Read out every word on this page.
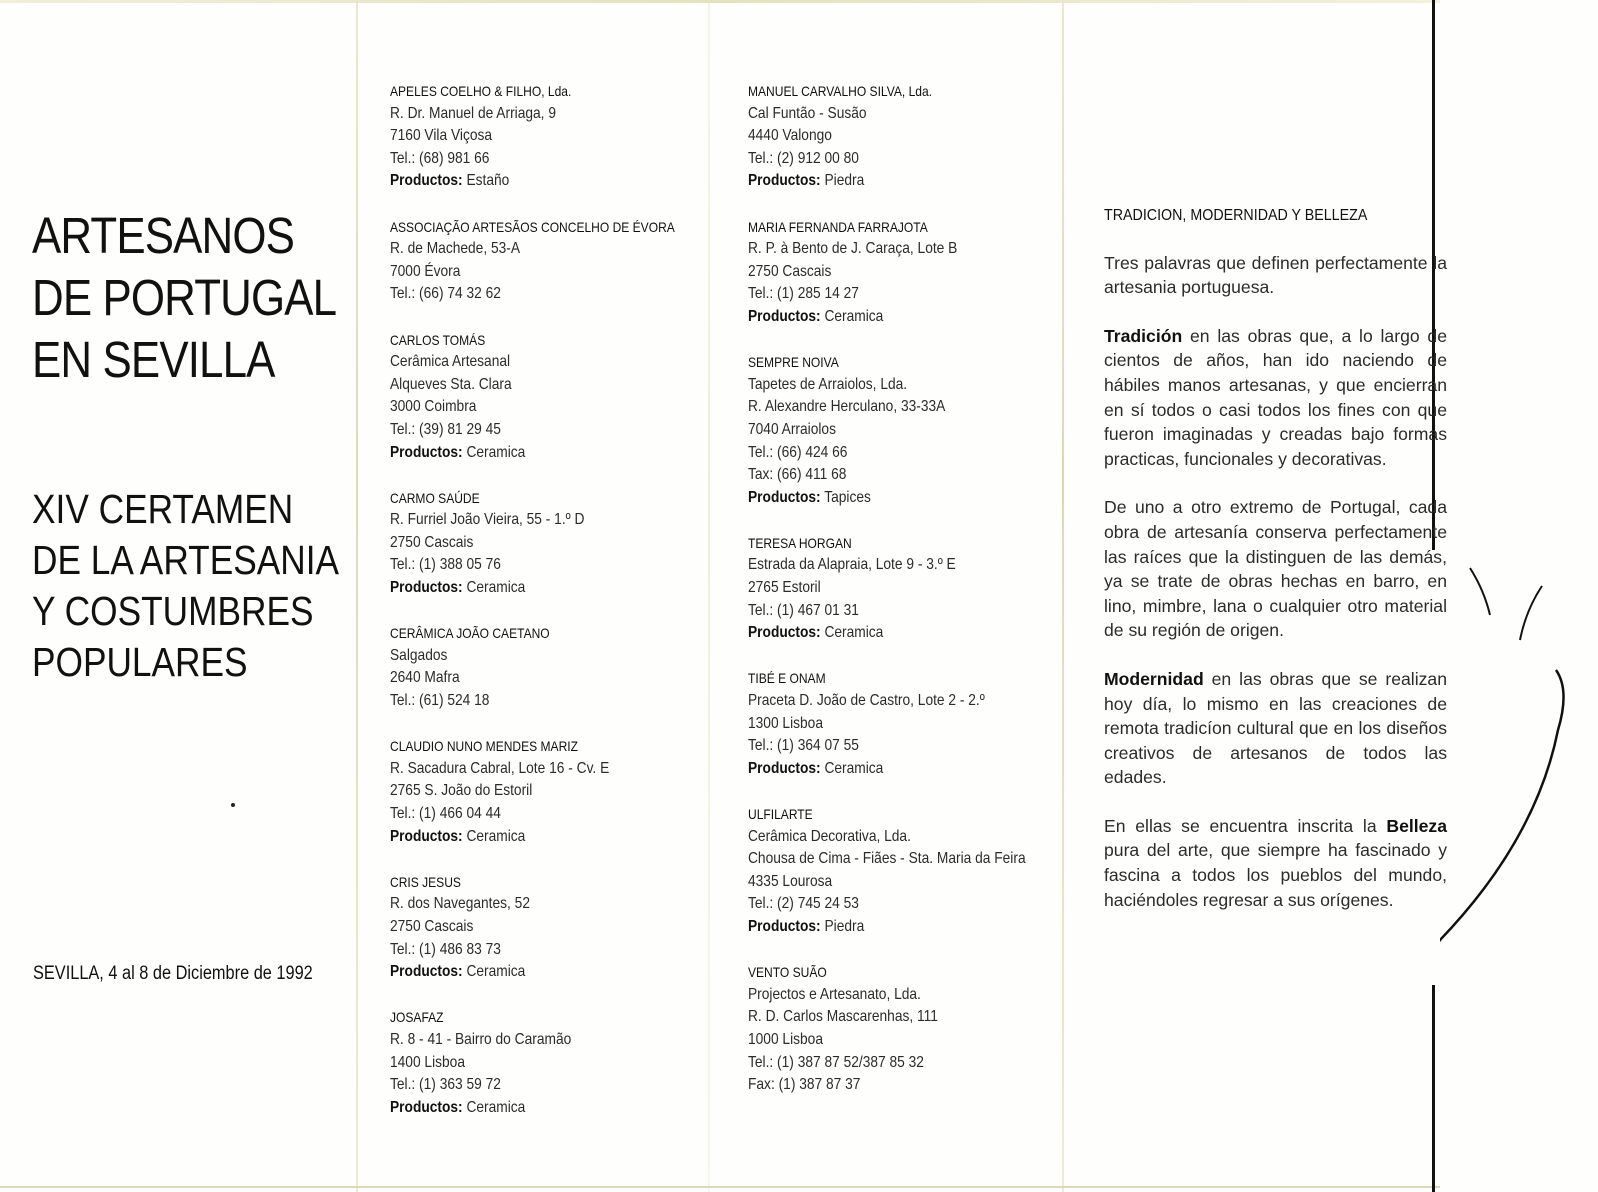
ARTESANOS
DE PORTUGAL
EN SEVILLA
XIV CERTAMEN
DE LA ARTESANIA
Y COSTUMBRES
POPULARES
SEVILLA, 4 al 8 de Diciembre de 1992
APELES COELHO & FILHO, Lda.
R. Dr. Manuel de Arriaga, 9
7160 Vila Viçosa
Tel.: (68) 981 66
Productos: Estaño
ASSOCIAÇÃO ARTESÃOS CONCELHO DE ÉVORA
R. de Machede, 53-A
7000 Évora
Tel.: (66) 74 32 62
CARLOS TOMÁS
Cerâmica Artesanal
Alqueves Sta. Clara
3000 Coimbra
Tel.: (39) 81 29 45
Productos: Ceramica
CARMO SAÚDE
R. Furriel João Vieira, 55 - 1.º D
2750 Cascais
Tel.: (1) 388 05 76
Productos: Ceramica
CERÂMICA JOÃO CAETANO
Salgados
2640 Mafra
Tel.: (61) 524 18
CLAUDIO NUNO MENDES MARIZ
R. Sacadura Cabral, Lote 16 - Cv. E
2765 S. João do Estoril
Tel.: (1) 466 04 44
Productos: Ceramica
CRIS JESUS
R. dos Navegantes, 52
2750 Cascais
Tel.: (1) 486 83 73
Productos: Ceramica
JOSAFAZ
R. 8 - 41 - Bairro do Caramão
1400 Lisboa
Tel.: (1) 363 59 72
Productos: Ceramica
MANUEL CARVALHO SILVA, Lda.
Cal Funtão - Susão
4440 Valongo
Tel.: (2) 912 00 80
Productos: Piedra
MARIA FERNANDA FARRAJOTA
R. P. à Bento de J. Caraça, Lote B
2750 Cascais
Tel.: (1) 285 14 27
Productos: Ceramica
SEMPRE NOIVA
Tapetes de Arraiolos, Lda.
R. Alexandre Herculano, 33-33A
7040 Arraiolos
Tel.: (66) 424 66
Tax: (66) 411 68
Productos: Tapices
TERESA HORGAN
Estrada da Alapraia, Lote 9 - 3.º E
2765 Estoril
Tel.: (1) 467 01 31
Productos: Ceramica
TIBÉ E ONAM
Praceta D. João de Castro, Lote 2 - 2.º
1300 Lisboa
Tel.: (1) 364 07 55
Productos: Ceramica
ULFILARTE
Cerâmica Decorativa, Lda.
Chousa de Cima - Fiães - Sta. Maria da Feira
4335 Lourosa
Tel.: (2) 745 24 53
Productos: Piedra
VENTO SUÃO
Projectos e Artesanato, Lda.
R. D. Carlos Mascarenhas, 111
1000 Lisboa
Tel.: (1) 387 87 52/387 85 32
Fax: (1) 387 87 37
TRADICION, MODERNIDAD Y BELLEZA

Tres palavras que definen perfectamente la artesania portuguesa.

Tradición en las obras que, a lo largo de cientos de años, han ido naciendo de hábiles manos artesanas, y que encierran en sí todos o casi todos los fines con que fueron imaginadas y creadas bajo formas practicas, funcionales y decorativas.

De uno a otro extremo de Portugal, cada obra de artesanía conserva perfectamente las raíces que la distinguen de las demás, ya se trate de obras hechas en barro, en lino, mimbre, lana o cualquier otro material de su región de origen.

Modernidad en las obras que se realizan hoy día, lo mismo en las creaciones de remota tradicíon cultural que en los diseños creativos de artesanos de todos las edades.

En ellas se encuentra inscrita la Belleza pura del arte, que siempre ha fascinado y fascina a todos los pueblos del mundo, haciéndoles regresar a sus orígenes.
